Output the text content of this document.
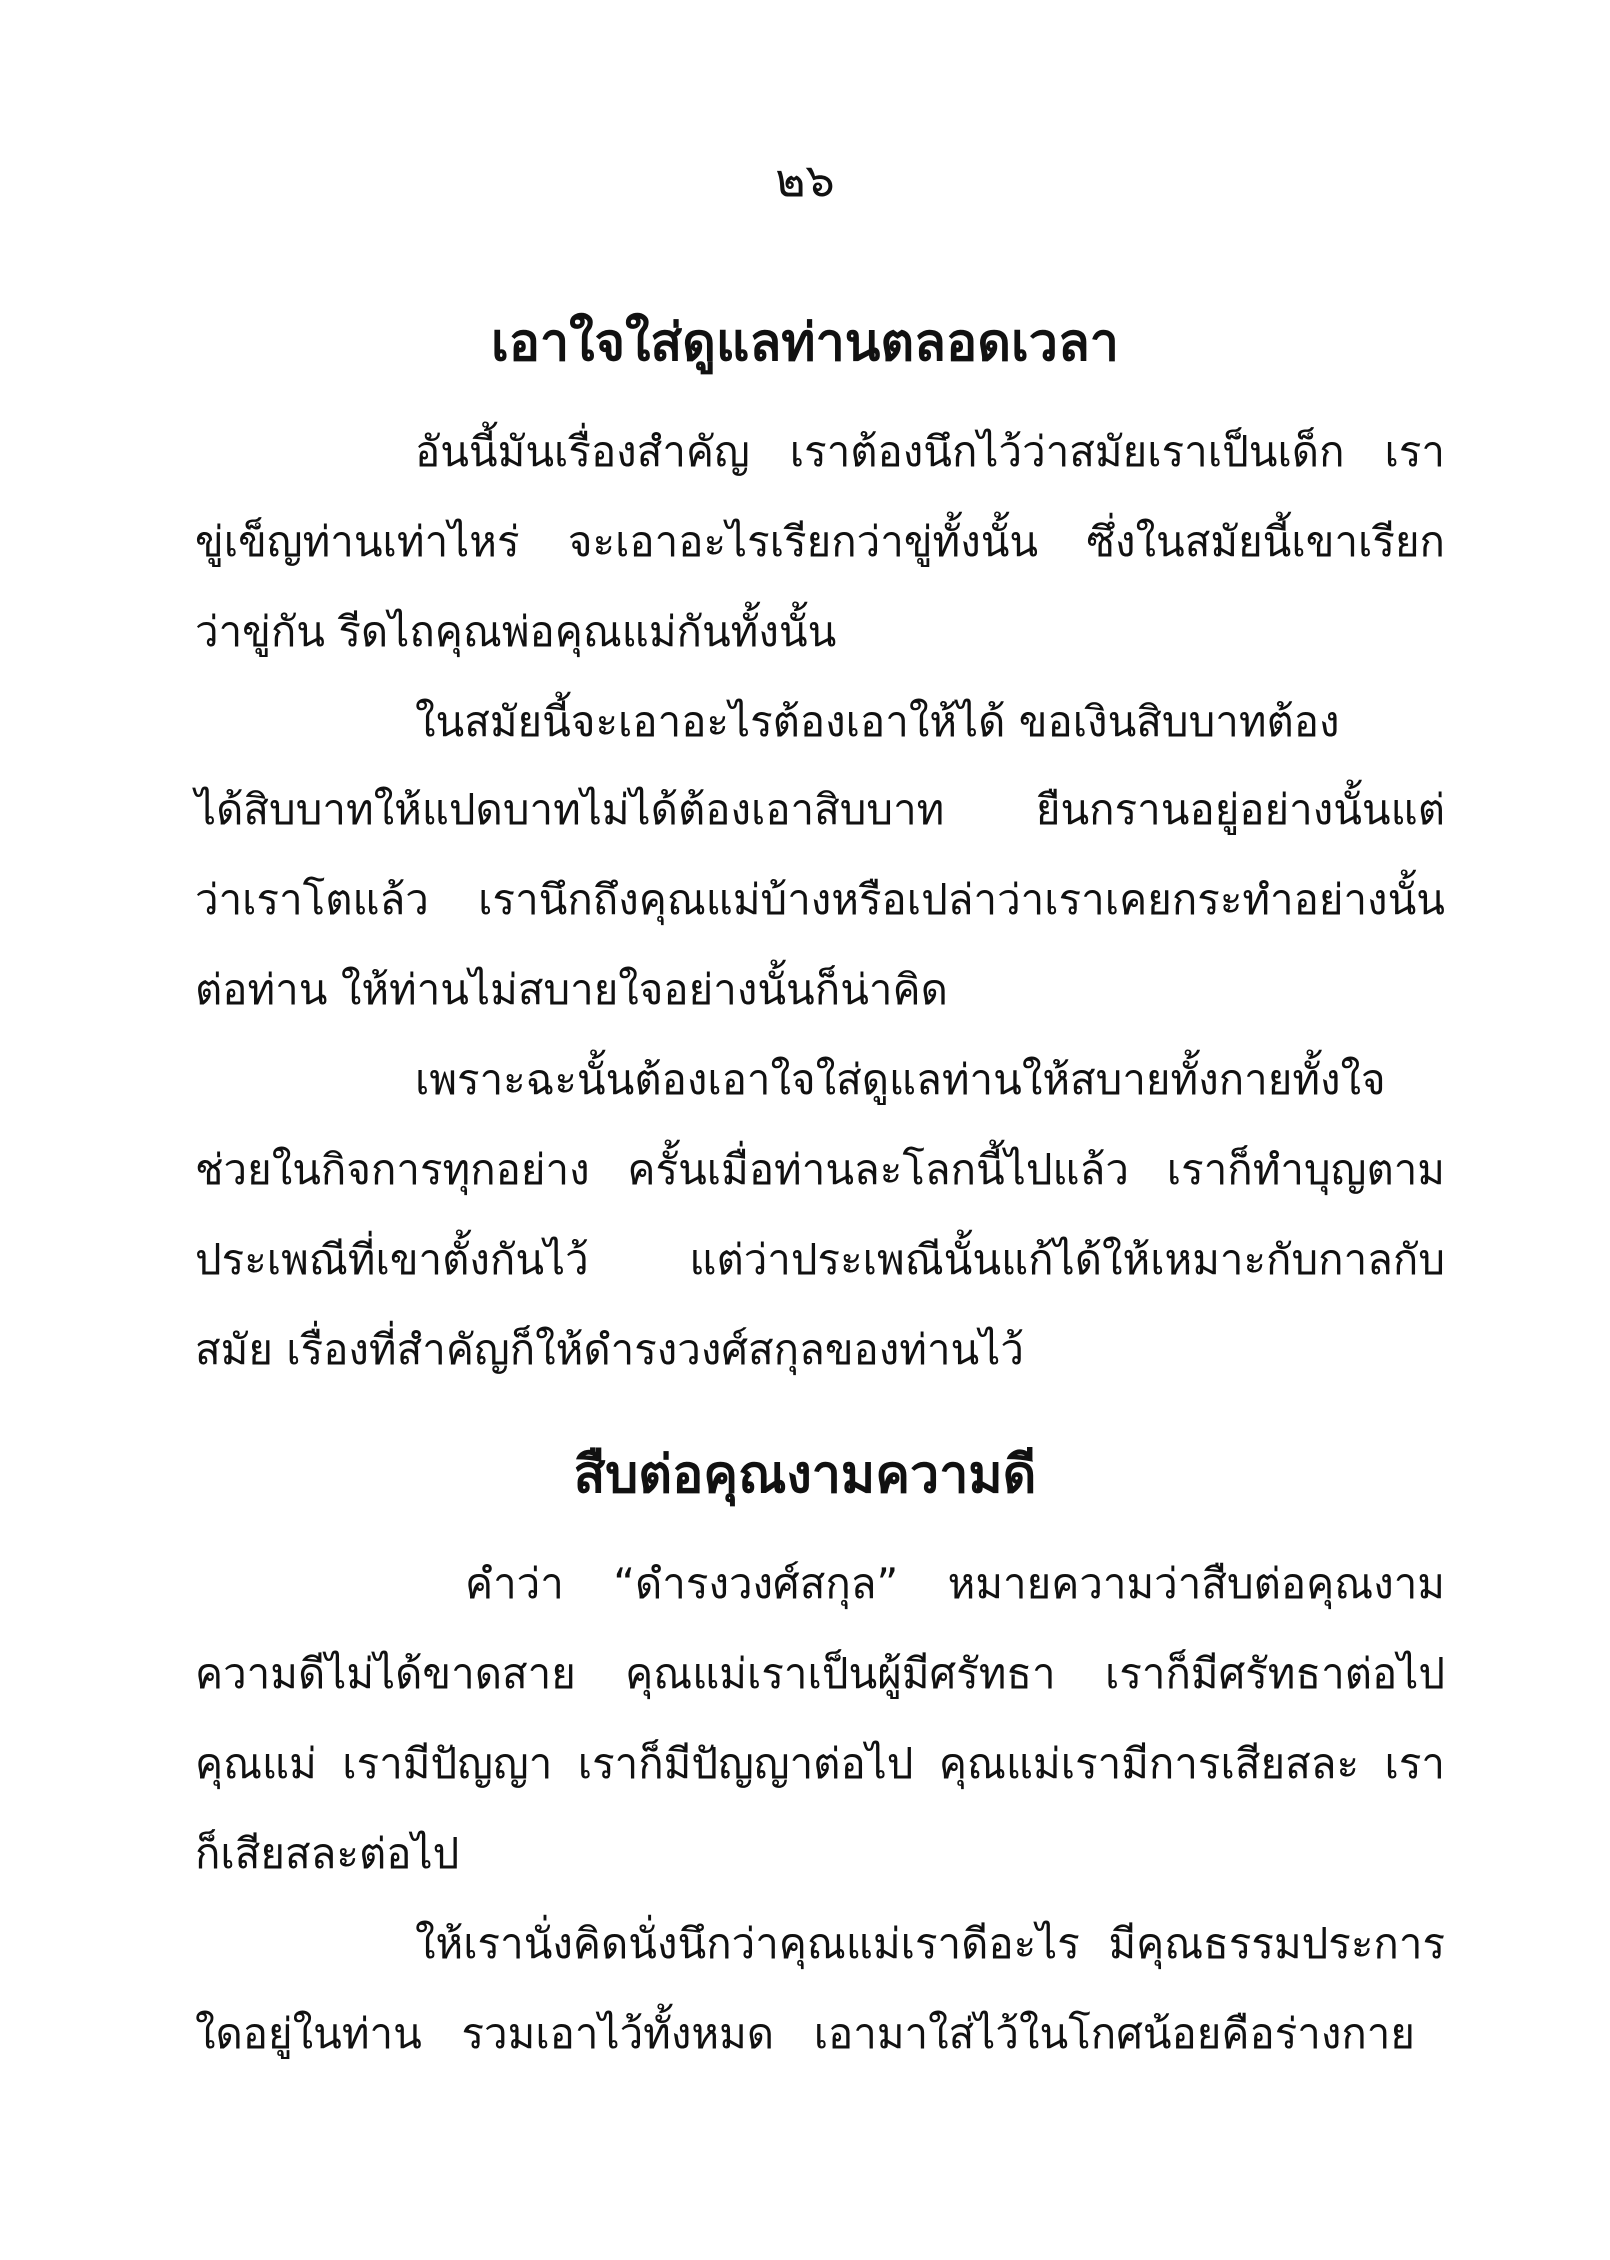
๒๖
เอาใจใส่ดูแลท่านตลอดเวลา
อันนี้มันเรื่องสำคัญ เราต้องนึกไว้ว่าสมัยเราเป็นเด็ก เรา
ขู่เข็ญท่านเท่าไหร่ จะเอาอะไรเรียกว่าขู่ทั้งนั้น ซึ่งในสมัยนี้เขาเรียก
ว่าขู่กัน รีดไถคุณพ่อคุณแม่กันทั้งนั้น
ในสมัยนี้จะเอาอะไรต้องเอาให้ได้ ขอเงินสิบบาทต้อง
ได้สิบบาทให้แปดบาทไม่ได้ต้องเอาสิบบาท ยืนกรานอยู่อย่างนั้นแต่
ว่าเราโตแล้ว เรานึกถึงคุณแม่บ้างหรือเปล่าว่าเราเคยกระทำอย่างนั้น
ต่อท่าน ให้ท่านไม่สบายใจอย่างนั้นก็น่าคิด
เพราะฉะนั้นต้องเอาใจใส่ดูแลท่านให้สบายทั้งกายทั้งใจ
ช่วยในกิจการทุกอย่าง ครั้นเมื่อท่านละโลกนี้ไปแล้ว เราก็ทำบุญตาม
ประเพณีที่เขาตั้งกันไว้ แต่ว่าประเพณีนั้นแก้ได้ให้เหมาะกับกาลกับ
สมัย เรื่องที่สำคัญก็ให้ดำรงวงศ์สกุลของท่านไว้
สืบต่อคุณงามความดี
คำว่า “ดำรงวงศ์สกุล” หมายความว่าสืบต่อคุณงาม
ความดีไม่ได้ขาดสาย คุณแม่เราเป็นผู้มีศรัทธา เราก็มีศรัทธาต่อไป
คุณแม่ เรามีปัญญา เราก็มีปัญญาต่อไป คุณแม่เรามีการเสียสละ เรา
ก็เสียสละต่อไป
ให้เรานั่งคิดนั่งนึกว่าคุณแม่เราดีอะไร มีคุณธรรมประการ
ใดอยู่ในท่าน รวมเอาไว้ทั้งหมด เอามาใส่ไว้ในโกศน้อยคือร่างกาย
